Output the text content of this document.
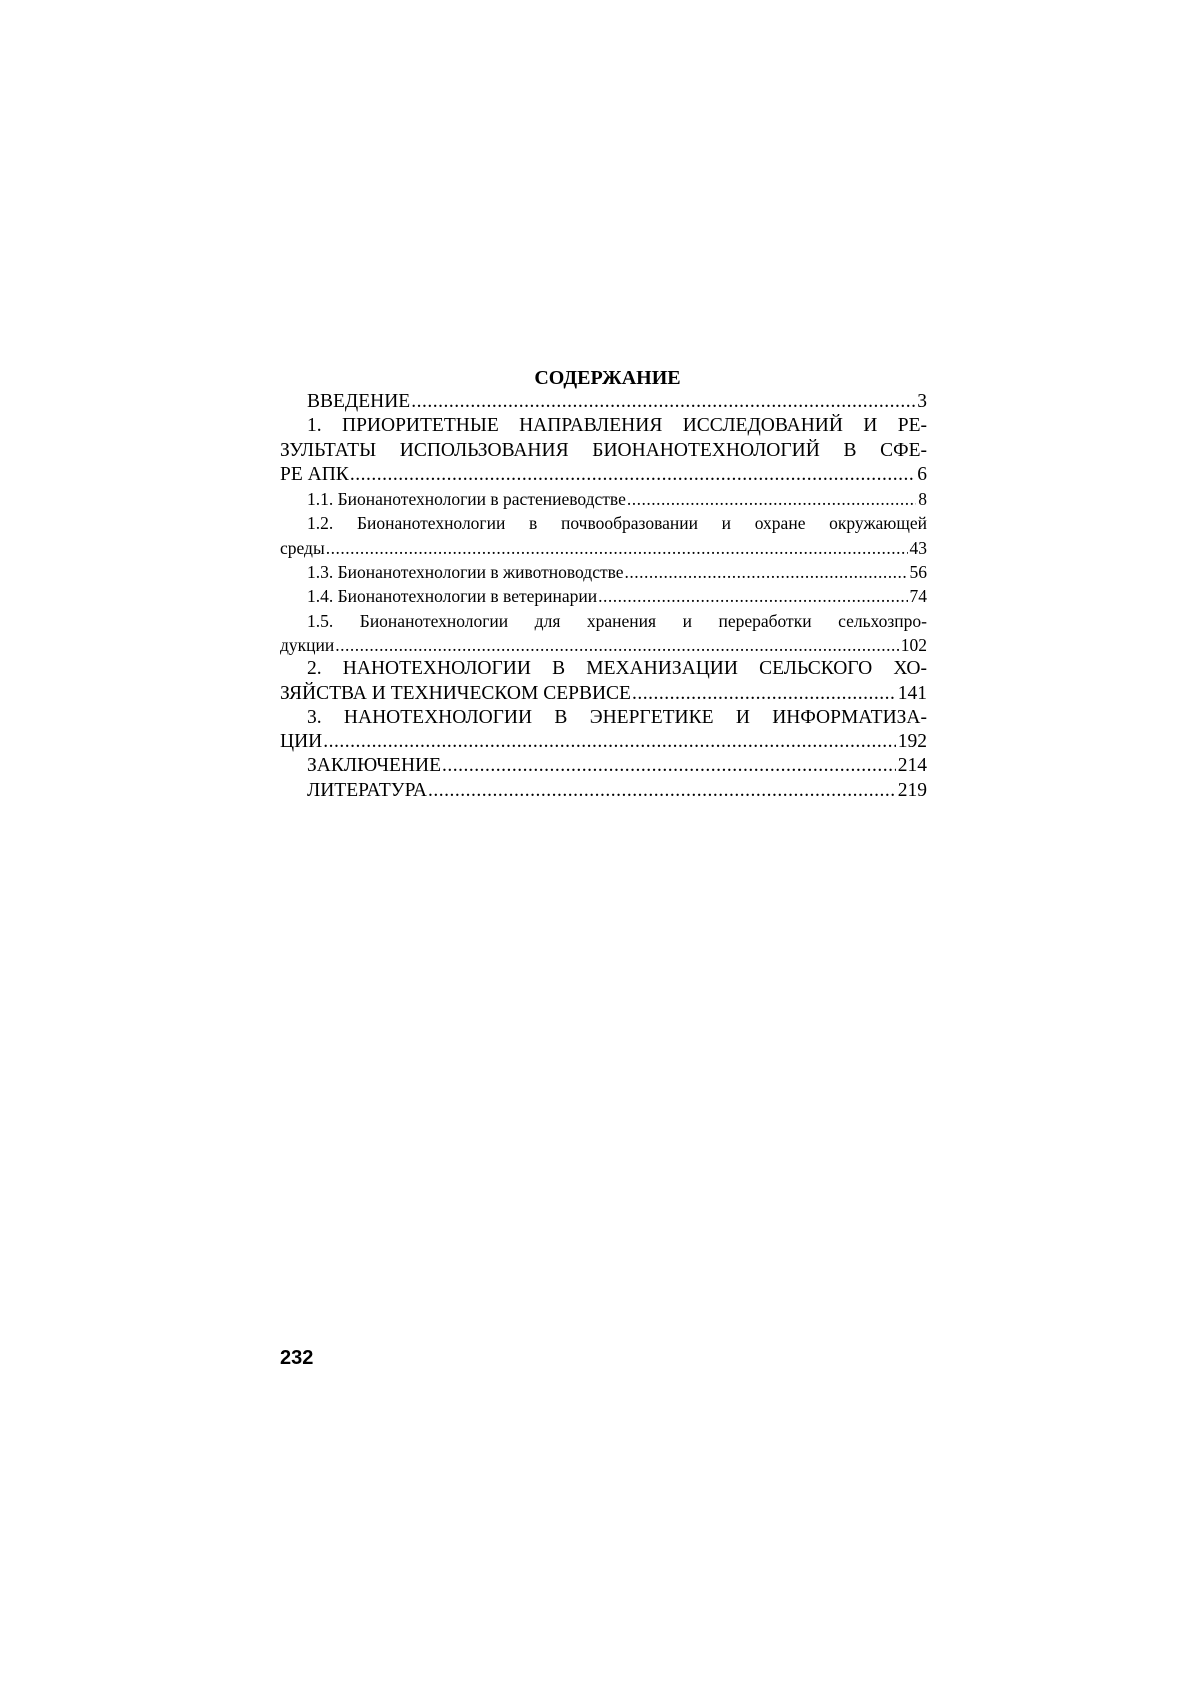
СОДЕРЖАНИЕ
ВВЕДЕНИЕ .....	3
1. ПРИОРИТЕТНЫЕ НАПРАВЛЕНИЯ ИССЛЕДОВАНИЙ И РЕ-
ЗУЛЬТАТЫ ИСПОЛЬЗОВАНИЯ БИОНАНОТЕХНОЛОГИЙ В СФЕ-
РЕ АПК .....	6
1.1. Бионанотехнологии в растениеводстве .....	8
1.2. Бионанотехнологии в почвообразовании и охране окружающей
среды .....	43
1.3. Бионанотехнологии в животноводстве .....	56
1.4. Бионанотехнологии в ветеринарии .....	74
1.5. Бионанотехнологии для хранения и переработки сельхозпро-
дукции .....	102
2. НАНОТЕХНОЛОГИИ В МЕХАНИЗАЦИИ СЕЛЬСКОГО ХО-
ЗЯЙСТВА И ТЕХНИЧЕСКОМ СЕРВИСЕ .....	141
3. НАНОТЕХНОЛОГИИ В ЭНЕРГЕТИКЕ И ИНФОРМАТИЗА-
ЦИИ .....	192
ЗАКЛЮЧЕНИЕ .....	214
ЛИТЕРАТУРА .....	219
232
